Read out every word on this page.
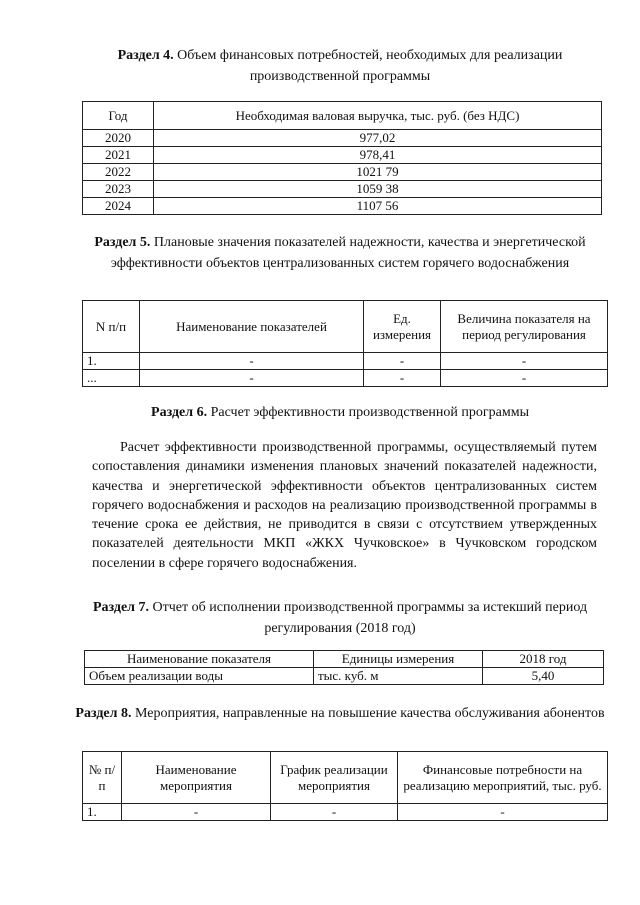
Раздел 4. Объем финансовых потребностей, необходимых для реализации производственной программы

Год	Необходимая валовая выручка, тыс. руб. (без НДС)
2020	977,02
2021	978,41
2022	1021 79
2023	1059 38
2024	1107 56

Раздел 5. Плановые значения показателей надежности, качества и энергетической эффективности объектов централизованных систем горячего водоснабжения

N п/п	Наименование показателей	Ед. измерения	Величина показателя на период регулирования
1.	-	-	-
...	-	-	-

Раздел 6. Расчет эффективности производственной программы

Расчет эффективности производственной программы, осуществляемый путем сопоставления динамики изменения плановых значений показателей надежности, качества и энергетической эффективности объектов централизованных систем горячего водоснабжения и расходов на реализацию производственной программы в течение срока ее действия, не приводится в связи с отсутствием утвержденных показателей деятельности МКП «ЖКХ Чучковское» в Чучковском городском поселении в сфере горячего водоснабжения.

Раздел 7. Отчет об исполнении производственной программы за истекший период регулирования (2018 год)

Наименование показателя	Единицы измерения	2018 год
Объем реализации воды	тыс. куб. м	5,40

Раздел 8. Мероприятия, направленные на повышение качества обслуживания абонентов

№ п/п	Наименование мероприятия	График реализации мероприятия	Финансовые потребности на реализацию мероприятий, тыс. руб.
1.	-	-	-
